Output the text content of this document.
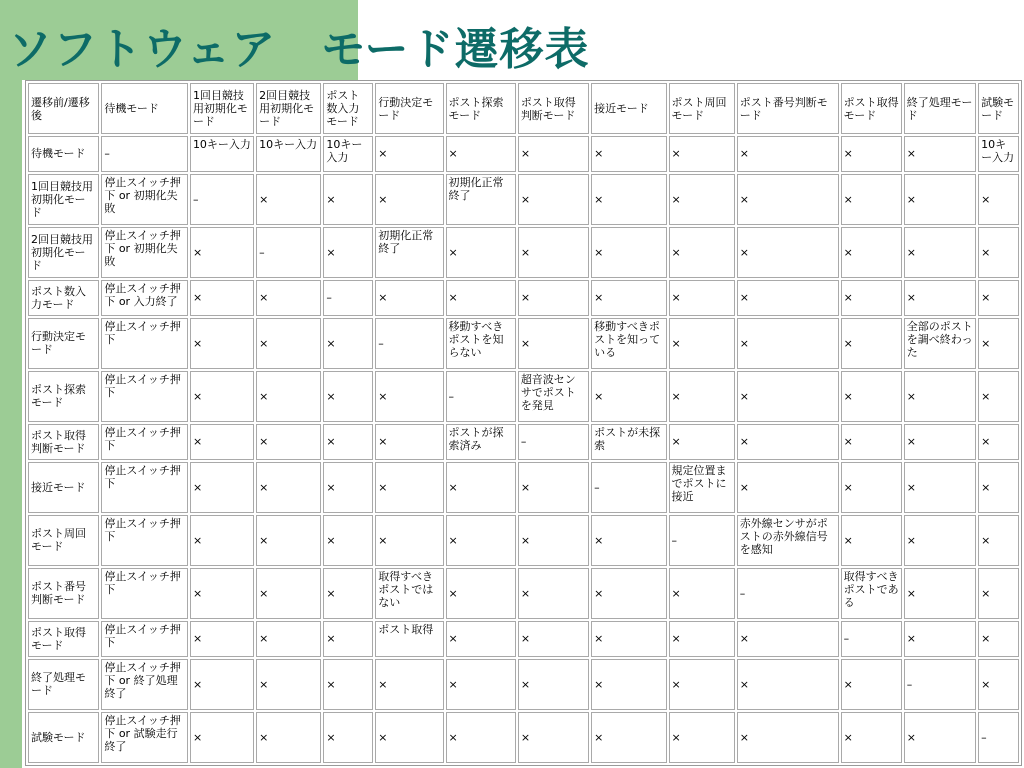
ソフトウェア　モード遷移表
遷移前/遷移後	待機モード	1回目競技用初期化モード	2回目競技用初期化モード	ポスト数入力モード	行動決定モード	ポスト探索モード	ポスト取得判断モード	接近モード	ポスト周回モード	ポスト番号判断モード	ポスト取得モード	終了処理モード	試験モード
待機モード	–	10キー入力	10キー入力	10キー入力	×	×	×	×	×	×	×	×	10キー入力
1回目競技用初期化モード	停止スイッチ押下 or 初期化失敗	–	×	×	×	初期化正常終了	×	×	×	×	×	×	×
2回目競技用初期化モード	停止スイッチ押下 or 初期化失敗	×	–	×	初期化正常終了	×	×	×	×	×	×	×	×
ポスト数入力モード	停止スイッチ押下 or 入力終了	×	×	–	×	×	×	×	×	×	×	×	×
行動決定モード	停止スイッチ押下	×	×	×	–	移動すべきポストを知らない	×	移動すべきポストを知っている	×	×	×	全部のポストを調べ終わった	×
ポスト探索モード	停止スイッチ押下	×	×	×	×	–	超音波センサでポストを発見	×	×	×	×	×	×
ポスト取得判断モード	停止スイッチ押下	×	×	×	×	ポストが探索済み	–	ポストが未探索	×	×	×	×	×
接近モード	停止スイッチ押下	×	×	×	×	×	×	–	規定位置までポストに接近	×	×	×	×
ポスト周回モード	停止スイッチ押下	×	×	×	×	×	×	×	–	赤外線センサがポストの赤外線信号を感知	×	×	×
ポスト番号判断モード	停止スイッチ押下	×	×	×	取得すべきポストではない	×	×	×	×	–	取得すべきポストである	×	×
ポスト取得モード	停止スイッチ押下	×	×	×	ポスト取得	×	×	×	×	×	–	×	×
終了処理モード	停止スイッチ押下 or 終了処理終了	×	×	×	×	×	×	×	×	×	×	–	×
試験モード	停止スイッチ押下 or 試験走行終了	×	×	×	×	×	×	×	×	×	×	×	–
